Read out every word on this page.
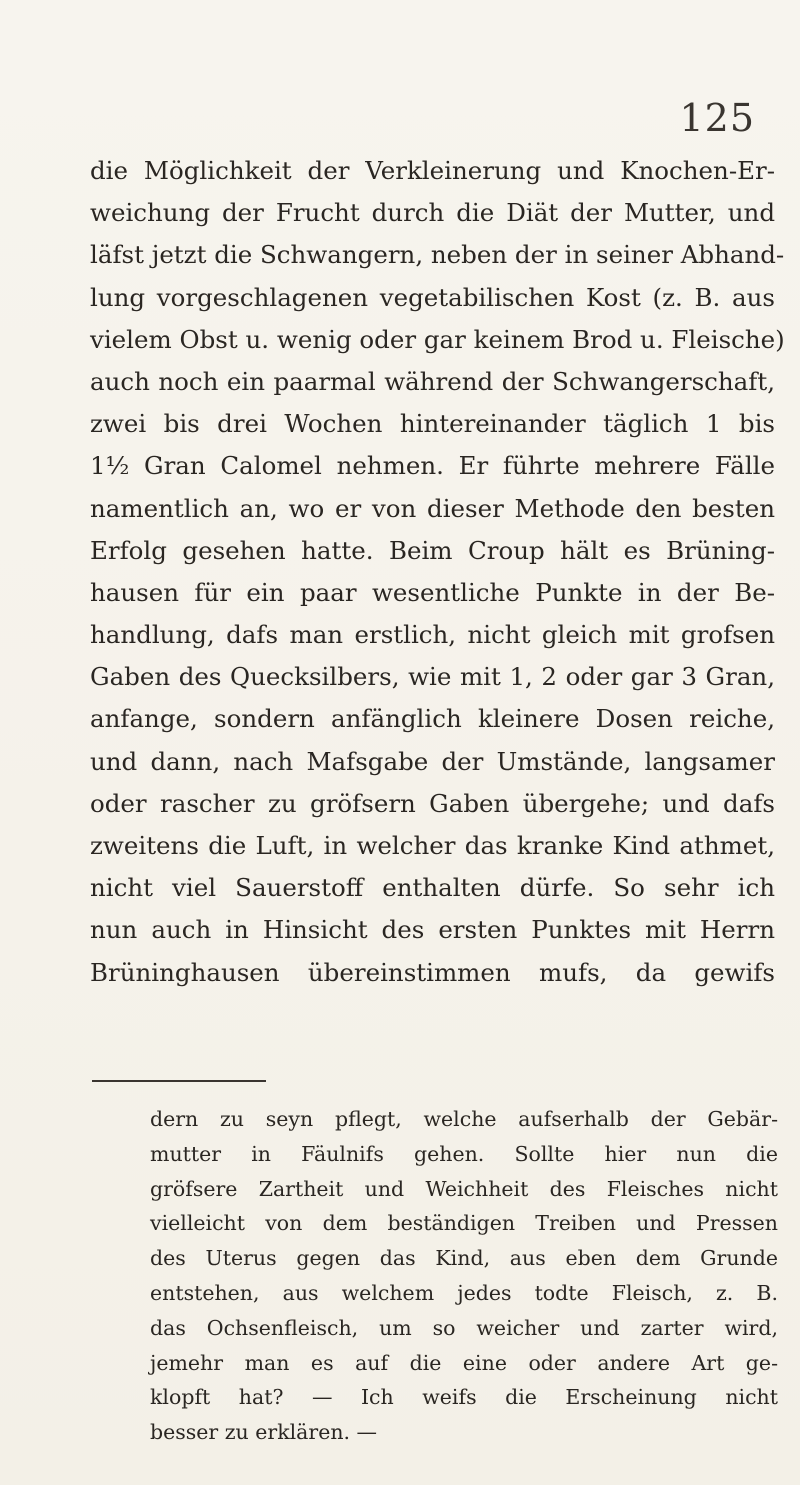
125
die Möglichkeit der Verkleinerung und Knochen-Er-
weichung der Frucht durch die Diät der Mutter, und
läfst jetzt die Schwangern, neben der in seiner Abhand-
lung vorgeschlagenen vegetabilischen Kost (z. B. aus
vielem Obst u. wenig oder gar keinem Brod u. Fleische)
auch noch ein paarmal während der Schwangerschaft,
zwei bis drei Wochen hintereinander täglich 1 bis
1½ Gran Calomel nehmen. Er führte mehrere Fälle
namentlich an, wo er von dieser Methode den besten
Erfolg gesehen hatte. Beim Croup hält es Brüning-
hausen für ein paar wesentliche Punkte in der Be-
handlung, dafs man erstlich, nicht gleich mit grofsen
Gaben des Quecksilbers, wie mit 1, 2 oder gar 3 Gran,
anfange, sondern anfänglich kleinere Dosen reiche,
und dann, nach Mafsgabe der Umstände, langsamer
oder rascher zu gröfsern Gaben übergehe; und dafs
zweitens die Luft, in welcher das kranke Kind athmet,
nicht viel Sauerstoff enthalten dürfe. So sehr ich
nun auch in Hinsicht des ersten Punktes mit Herrn
Brüninghausen übereinstimmen mufs, da gewifs
dern zu seyn pflegt, welche aufserhalb der Gebär-
mutter in Fäulnifs gehen. Sollte hier nun die
gröfsere Zartheit und Weichheit des Fleisches nicht
vielleicht von dem beständigen Treiben und Pressen
des Uterus gegen das Kind, aus eben dem Grunde
entstehen, aus welchem jedes todte Fleisch, z. B.
das Ochsenfleisch, um so weicher und zarter wird,
jemehr man es auf die eine oder andere Art ge-
klopft hat? — Ich weifs die Erscheinung nicht
besser zu erklären. —
